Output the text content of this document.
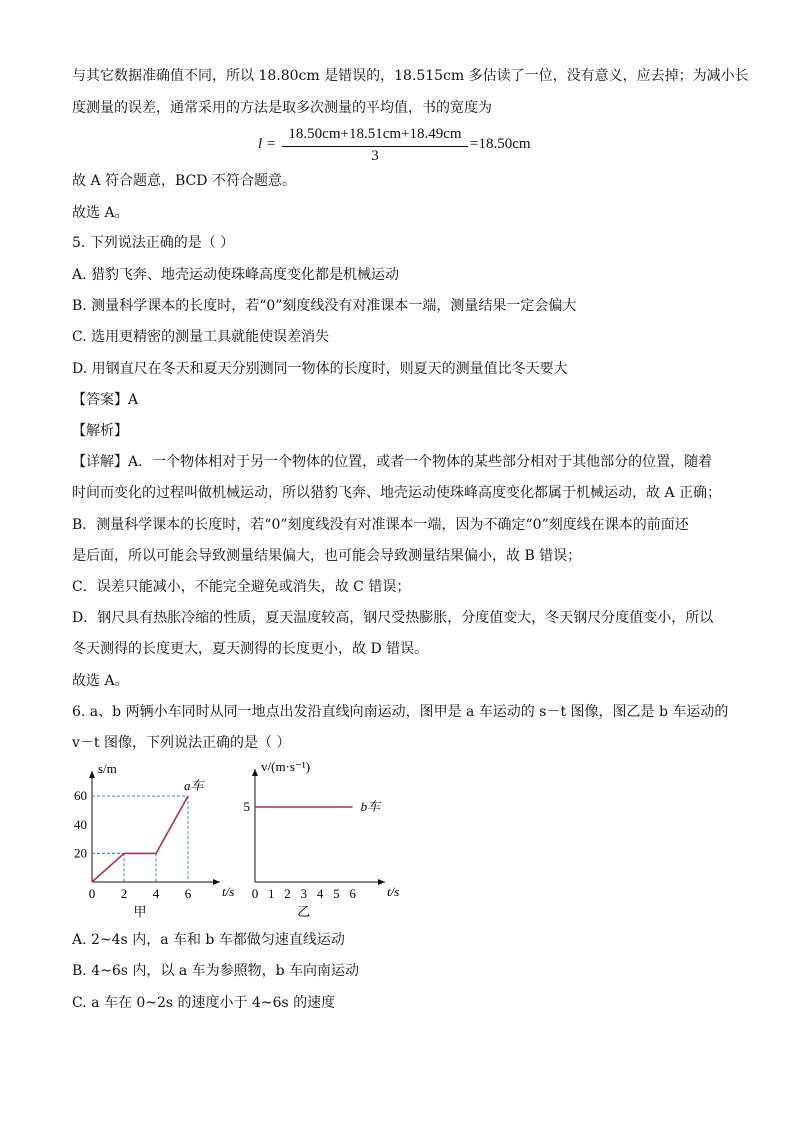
与其它数据准确值不同，所以 18.80cm 是错误的，18.515cm 多估读了一位，没有意义，应去掉；为减小长
度测量的误差，通常采用的方法是取多次测量的平均值，书的宽度为
l =
18.50cm+18.51cm+18.49cm
3
=18.50cm
故 A 符合题意，BCD 不符合题意。
故选 A。
5. 下列说法正确的是（ ）
A. 猎豹飞奔、地壳运动使珠峰高度变化都是机械运动
B. 测量科学课本的长度时，若“0”刻度线没有对准课本一端，测量结果一定会偏大
C. 选用更精密的测量工具就能使误差消失
D. 用钢直尺在冬天和夏天分别测同一物体的长度时，则夏天的测量值比冬天要大
【答案】A
【解析】
【详解】A．一个物体相对于另一个物体的位置，或者一个物体的某些部分相对于其他部分的位置，随着
时间而变化的过程叫做机械运动，所以猎豹飞奔、地壳运动使珠峰高度变化都属于机械运动，故 A 正确；
B．测量科学课本的长度时，若“0”刻度线没有对准课本一端，因为不确定“0”刻度线在课本的前面还
是后面，所以可能会导致测量结果偏大，也可能会导致测量结果偏小，故 B 错误；
C．误差只能减小，不能完全避免或消失，故 C 错误；
D．钢尺具有热胀冷缩的性质，夏天温度较高，钢尺受热膨胀，分度值变大，冬天钢尺分度值变小，所以
冬天测得的长度更大，夏天测得的长度更小，故 D 错误。
故选 A。
6. a、b 两辆小车同时从同一地点出发沿直线向南运动，图甲是 a 车运动的 s－t 图像，图乙是 b 车运动的
v－t 图像，下列说法正确的是（ ）
t/s
s/m
0 2 4 6
20
40
60
a车
甲
t/s
v/(m·s⁻¹)
0 1 2 3 4 5 6
5	b车
乙
A. 2~4s 内，a 车和 b 车都做匀速直线运动
B. 4~6s 内，以 a 车为参照物，b 车向南运动
C. a 车在 0~2s 的速度小于 4~6s 的速度
